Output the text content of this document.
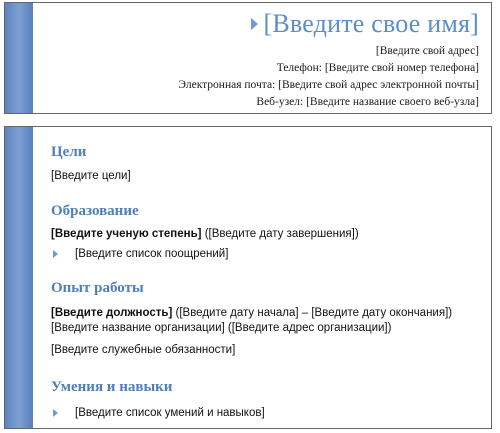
[Введите свое имя]
[Введите свой адрес]
Телефон: [Введите свой номер телефона]
Электронная почта: [Введите свой адрес электронной почты]
Веб-узел: [Введите название своего веб-узла]
Цели
[Введите цели]
Образование
[Введите ученую степень] ([Введите дату завершения])
[Введите список поощрений]
Опыт работы
[Введите должность] ([Введите дату начала] – [Введите дату окончания])
[Введите название организации] ([Введите адрес организации])
[Введите служебные обязанности]
Умения и навыки
[Введите список умений и навыков]
